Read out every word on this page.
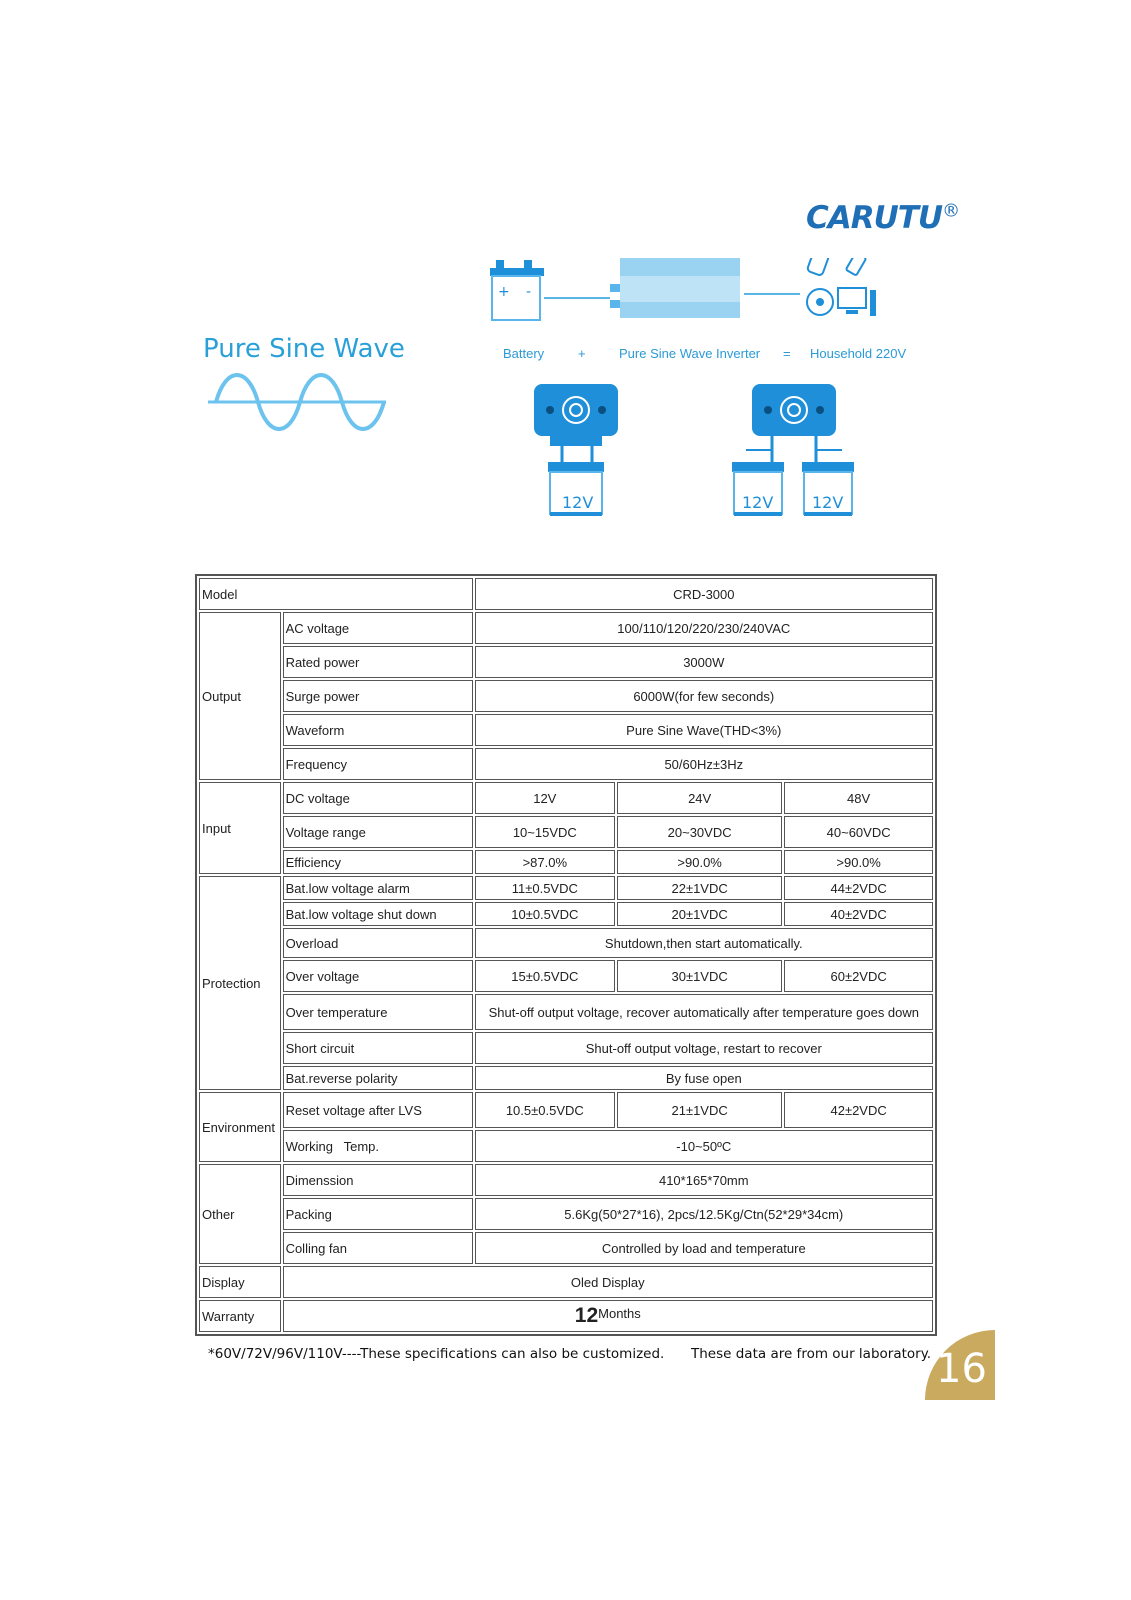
CARUTU®
Pure Sine Wave
+ -
12V	12V 12V
Battery	+	Pure Sine Wave Inverter = Household 220V
Model		CRD-3000		
Output	AC voltage	100/110/120/220/230/240VAC		
	Rated power	3000W		
	Surge power	6000W(for few seconds)		
	Waveform	Pure Sine Wave(THD<3%)		
	Frequency	50/60Hz±3Hz		
Input	DC voltage	12V	24V	48V
	Voltage range	10~15VDC	20~30VDC	40~60VDC
	Efficiency	>87.0%	>90.0%	>90.0%
Protection	Bat.low voltage alarm	11±0.5VDC	22±1VDC	44±2VDC
	Bat.low voltage shut down	10±0.5VDC	20±1VDC	40±2VDC
	Overload	Shutdown,then start automatically.		
	Over voltage	15±0.5VDC	30±1VDC	60±2VDC
	Over temperature	Shut-off output voltage, recover automatically after temperature goes down		
	Short circuit	Shut-off output voltage, restart to recover		
	Bat.reverse polarity	By fuse open		
Environment	Reset voltage after LVS	10.5±0.5VDC	21±1VDC	42±2VDC
	Working   Temp.	-10~50ºC		
Other	Dimenssion	410*165*70mm		
	Packing	5.6Kg(50*27*16), 2pcs/12.5Kg/Ctn(52*29*34cm)		
	Colling fan	Controlled by load and temperature		
Display	Oled Display			
Warranty	12Months			
*60V/72V/96V/110V----These specifications can also be customized. These data are from our laboratory. 16
